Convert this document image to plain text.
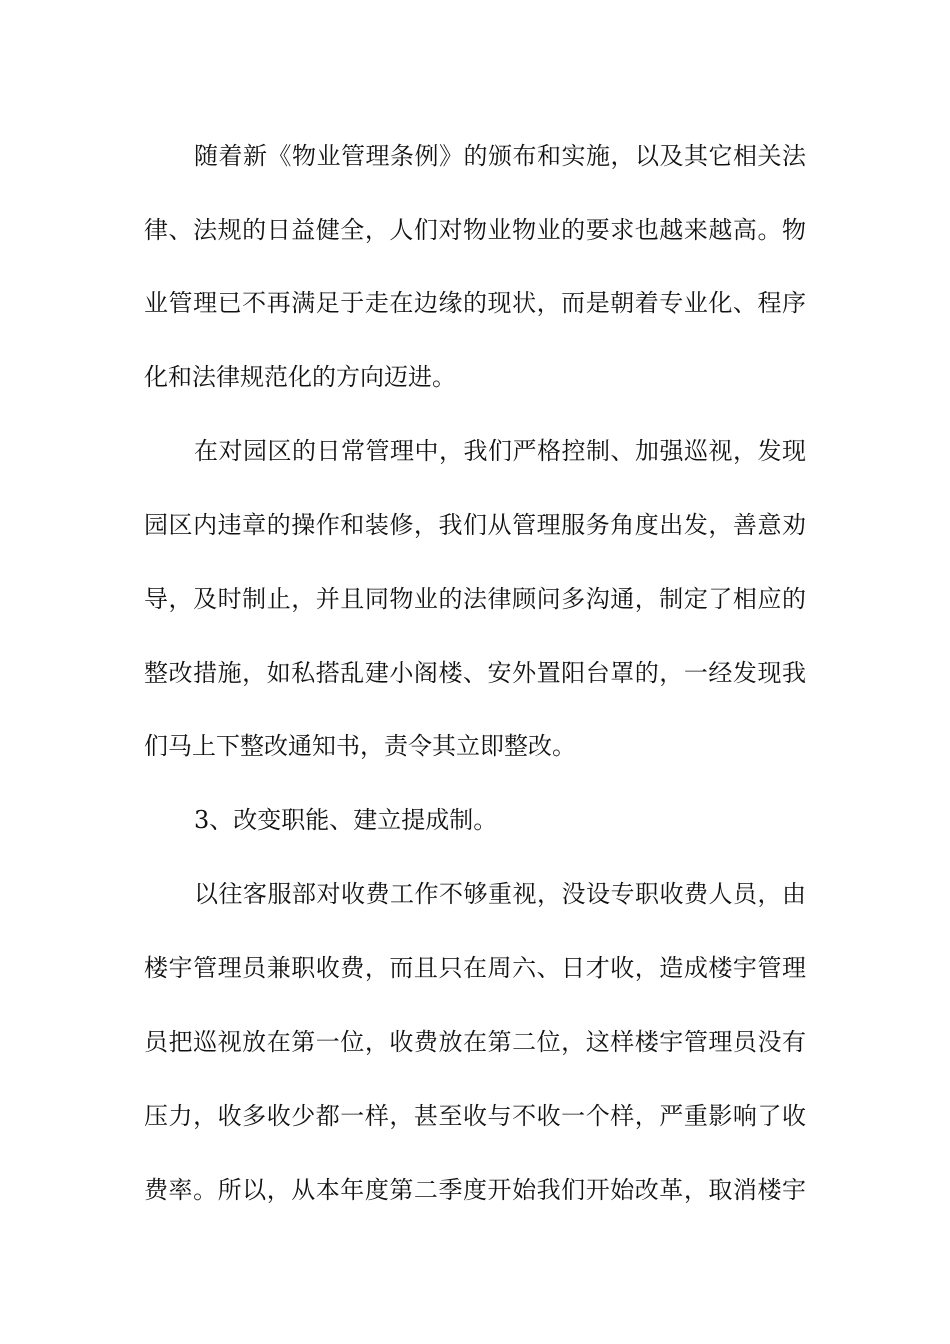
随着新《物业管理条例》的颁布和实施，以及其它相关法
律、法规的日益健全，人们对物业物业的要求也越来越高。物
业管理已不再满足于走在边缘的现状，而是朝着专业化、程序
化和法律规范化的方向迈进。
在对园区的日常管理中，我们严格控制、加强巡视，发现
园区内违章的操作和装修，我们从管理服务角度出发，善意劝
导，及时制止，并且同物业的法律顾问多沟通，制定了相应的
整改措施，如私搭乱建小阁楼、安外置阳台罩的，一经发现我
们马上下整改通知书，责令其立即整改。
3、改变职能、建立提成制。
以往客服部对收费工作不够重视，没设专职收费人员，由
楼宇管理员兼职收费，而且只在周六、日才收，造成楼宇管理
员把巡视放在第一位，收费放在第二位，这样楼宇管理员没有
压力，收多收少都一样，甚至收与不收一个样，严重影响了收
费率。所以，从本年度第二季度开始我们开始改革，取消楼宇
